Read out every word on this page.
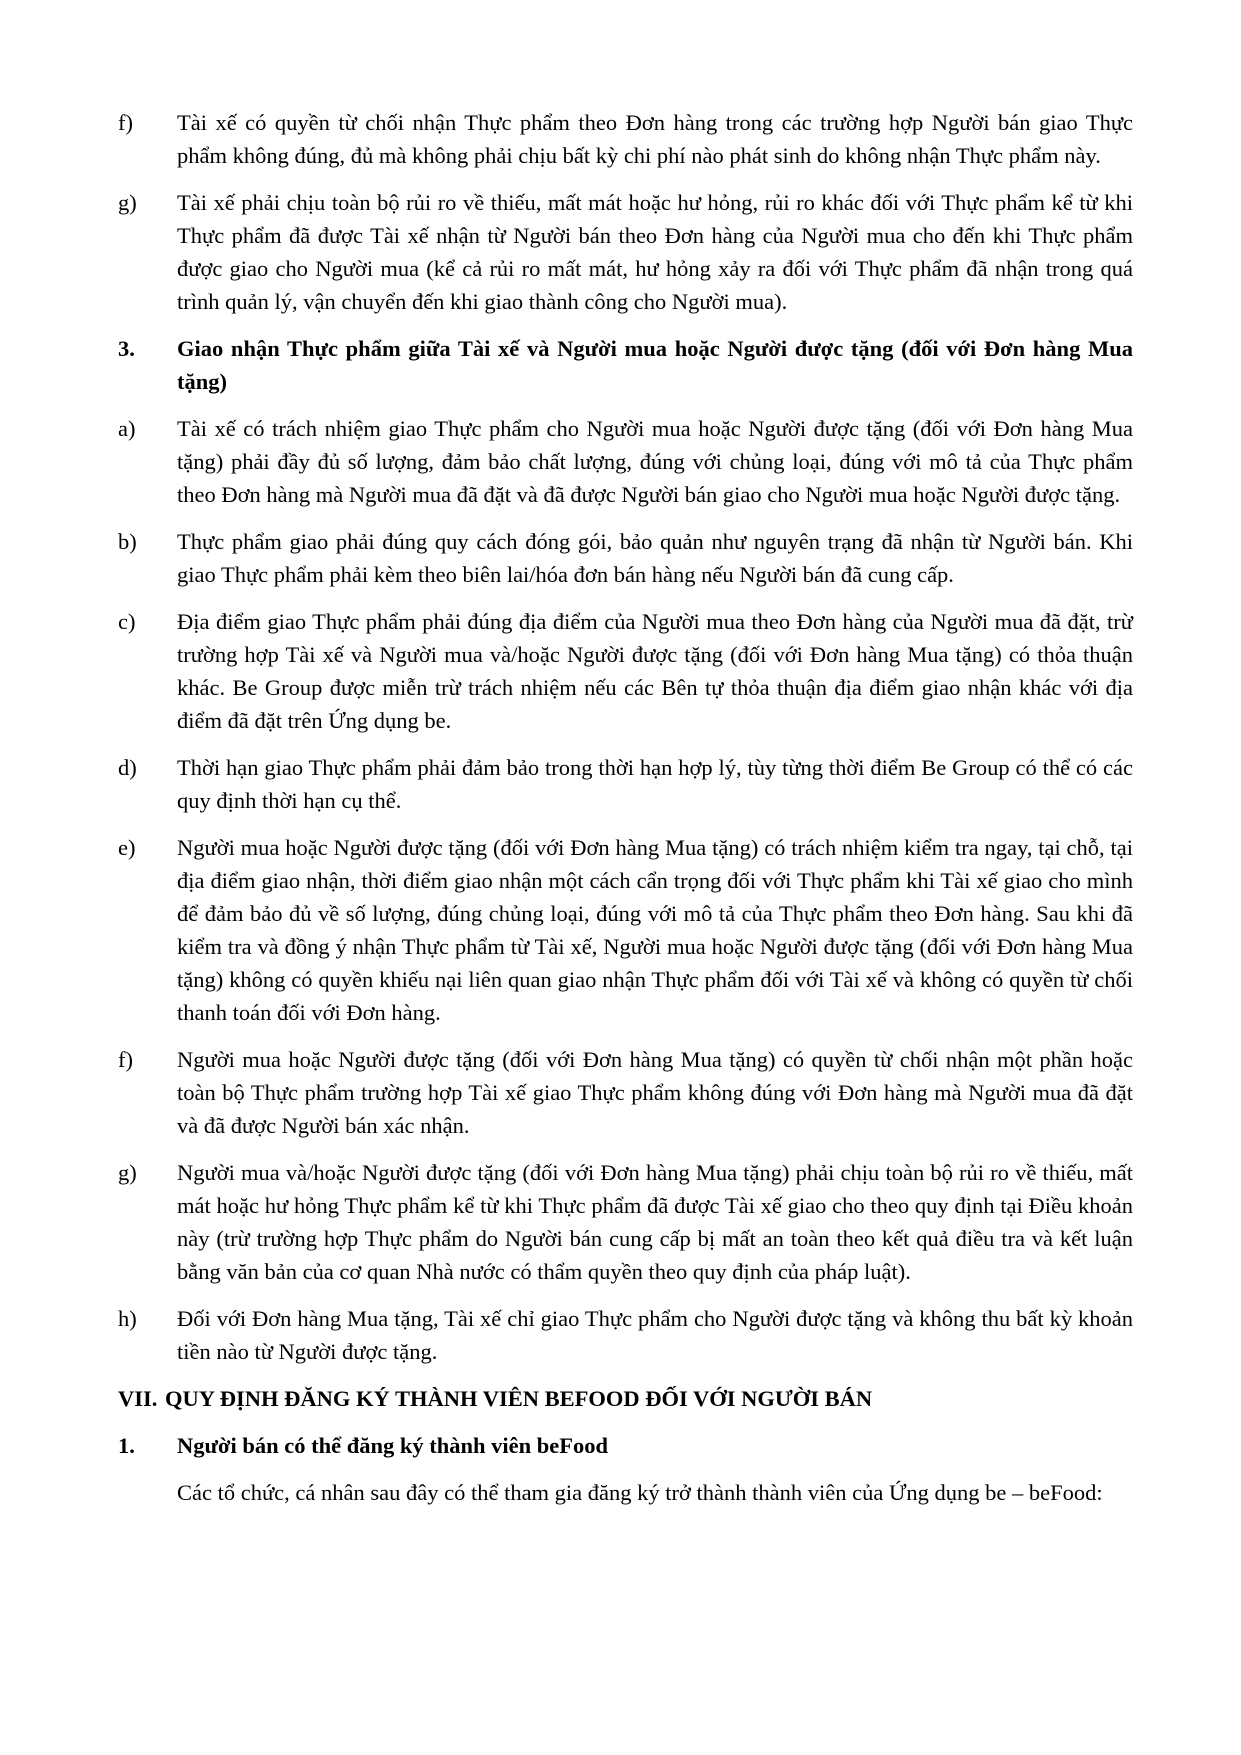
f) Tài xế có quyền từ chối nhận Thực phẩm theo Đơn hàng trong các trường hợp Người bán giao Thực phẩm không đúng, đủ mà không phải chịu bất kỳ chi phí nào phát sinh do không nhận Thực phẩm này.
g) Tài xế phải chịu toàn bộ rủi ro về thiếu, mất mát hoặc hư hỏng, rủi ro khác đối với Thực phẩm kể từ khi Thực phẩm đã được Tài xế nhận từ Người bán theo Đơn hàng của Người mua cho đến khi Thực phẩm được giao cho Người mua (kể cả rủi ro mất mát, hư hỏng xảy ra đối với Thực phẩm đã nhận trong quá trình quản lý, vận chuyển đến khi giao thành công cho Người mua).
3. Giao nhận Thực phẩm giữa Tài xế và Người mua hoặc Người được tặng (đối với Đơn hàng Mua tặng)
a) Tài xế có trách nhiệm giao Thực phẩm cho Người mua hoặc Người được tặng (đối với Đơn hàng Mua tặng) phải đầy đủ số lượng, đảm bảo chất lượng, đúng với chủng loại, đúng với mô tả của Thực phẩm theo Đơn hàng mà Người mua đã đặt và đã được Người bán giao cho Người mua hoặc Người được tặng.
b) Thực phẩm giao phải đúng quy cách đóng gói, bảo quản như nguyên trạng đã nhận từ Người bán. Khi giao Thực phẩm phải kèm theo biên lai/hóa đơn bán hàng nếu Người bán đã cung cấp.
c) Địa điểm giao Thực phẩm phải đúng địa điểm của Người mua theo Đơn hàng của Người mua đã đặt, trừ trường hợp Tài xế và Người mua và/hoặc Người được tặng (đối với Đơn hàng Mua tặng) có thỏa thuận khác. Be Group được miễn trừ trách nhiệm nếu các Bên tự thỏa thuận địa điểm giao nhận khác với địa điểm đã đặt trên Ứng dụng be.
d) Thời hạn giao Thực phẩm phải đảm bảo trong thời hạn hợp lý, tùy từng thời điểm Be Group có thể có các quy định thời hạn cụ thể.
e) Người mua hoặc Người được tặng (đối với Đơn hàng Mua tặng) có trách nhiệm kiểm tra ngay, tại chỗ, tại địa điểm giao nhận, thời điểm giao nhận một cách cẩn trọng đối với Thực phẩm khi Tài xế giao cho mình để đảm bảo đủ về số lượng, đúng chủng loại, đúng với mô tả của Thực phẩm theo Đơn hàng. Sau khi đã kiểm tra và đồng ý nhận Thực phẩm từ Tài xế, Người mua hoặc Người được tặng (đối với Đơn hàng Mua tặng) không có quyền khiếu nại liên quan giao nhận Thực phẩm đối với Tài xế và không có quyền từ chối thanh toán đối với Đơn hàng.
f) Người mua hoặc Người được tặng (đối với Đơn hàng Mua tặng) có quyền từ chối nhận một phần hoặc toàn bộ Thực phẩm trường hợp Tài xế giao Thực phẩm không đúng với Đơn hàng mà Người mua đã đặt và đã được Người bán xác nhận.
g) Người mua và/hoặc Người được tặng (đối với Đơn hàng Mua tặng) phải chịu toàn bộ rủi ro về thiếu, mất mát hoặc hư hỏng Thực phẩm kể từ khi Thực phẩm đã được Tài xế giao cho theo quy định tại Điều khoản này (trừ trường hợp Thực phẩm do Người bán cung cấp bị mất an toàn theo kết quả điều tra và kết luận bằng văn bản của cơ quan Nhà nước có thẩm quyền theo quy định của pháp luật).
h) Đối với Đơn hàng Mua tặng, Tài xế chỉ giao Thực phẩm cho Người được tặng và không thu bất kỳ khoản tiền nào từ Người được tặng.
VII. QUY ĐỊNH ĐĂNG KÝ THÀNH VIÊN BEFOOD ĐỐI VỚI NGƯỜI BÁN
1. Người bán có thể đăng ký thành viên beFood
Các tổ chức, cá nhân sau đây có thể tham gia đăng ký trở thành thành viên của Ứng dụng be – beFood:
